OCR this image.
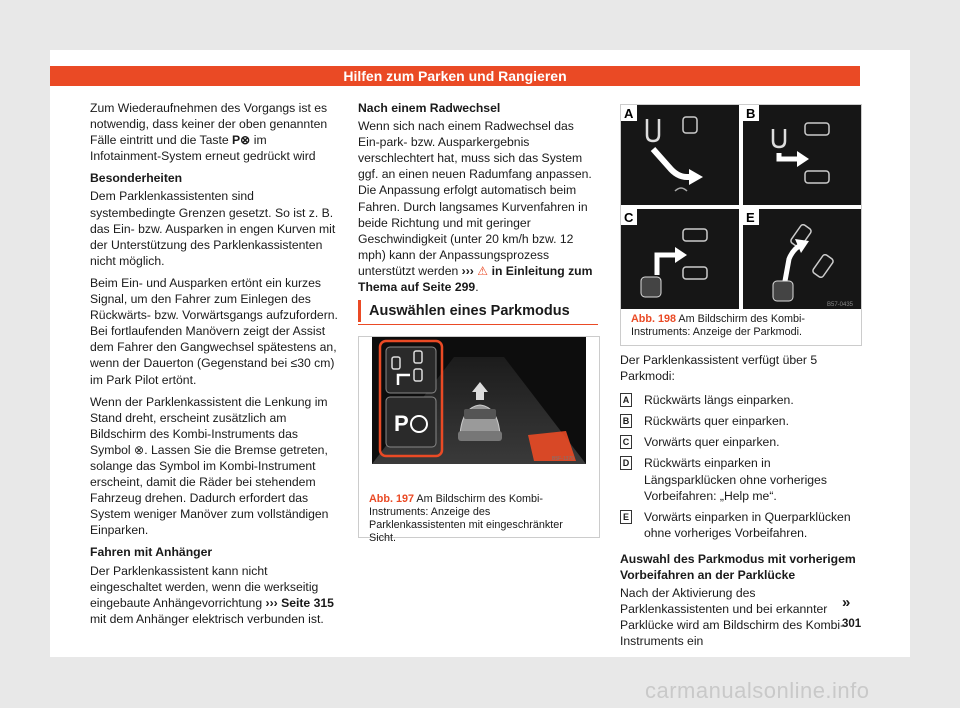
Hilfen zum Parken und Rangieren

Zum Wiederaufnehmen des Vorgangs ist es notwendig, dass keiner der oben genannten Fälle eintritt und die Taste P⊗ im Infotainment-System erneut gedrückt wird

Besonderheiten

Dem Parklenkassistenten sind systembedingte Grenzen gesetzt. So ist z. B. das Ein- bzw. Ausparken in engen Kurven mit der Unterstützung des Parklenkassistenten nicht möglich.

Beim Ein- und Ausparken ertönt ein kurzes Signal, um den Fahrer zum Einlegen des Rückwärts- bzw. Vorwärtsgangs aufzufordern. Bei fortlaufenden Manövern zeigt der Assist dem Fahrer den Gangwechsel spätestens an, wenn der Dauerton (Gegenstand bei ≤30 cm) im Park Pilot ertönt.

Wenn der Parklenkassistent die Lenkung im Stand dreht, erscheint zusätzlich am Bildschirm des Kombi-Instruments das Symbol ⊗. Lassen Sie die Bremse getreten, solange das Symbol im Kombi-Instrument erscheint, damit die Räder bei stehendem Fahrzeug drehen. Dadurch erfordert das System weniger Manöver zum vollständigen Einparken.

Fahren mit Anhänger

Der Parklenkassistent kann nicht eingeschaltet werden, wenn die werkseitig eingebaute Anhängevorrichtung ››› Seite 315 mit dem Anhänger elektrisch verbunden ist.

Nach einem Radwechsel

Wenn sich nach einem Radwechsel das Ein-park- bzw. Ausparkergebnis verschlechtert hat, muss sich das System ggf. an einen neuen Radumfang anpassen. Die Anpassung erfolgt automatisch beim Fahren. Durch langsames Kurvenfahren in beide Richtung und mit geringer Geschwindigkeit (unter 20 km/h bzw. 12 mph) kann der Anpassungsprozess unterstützt werden ››› ⚠ in Einleitung zum Thema auf Seite 299.

Auswählen eines Parkmodus
P
B5F-1370
Abb. 197 Am Bildschirm des Kombi-Instruments: Anzeige des Parklenkassistenten mit eingeschränkter Sicht.
A	B
C	E
B57-0435
Abb. 198 Am Bildschirm des Kombi-Instruments: Anzeige der Parkmodi.

Der Parklenkassistent verfügt über 5 Parkmodi:

A Rückwärts längs einparken.
B Rückwärts quer einparken.
C Vorwärts quer einparken.
D Rückwärts einparken in Längsparklücken ohne vorheriges Vorbeifahren: „Help me“.
E Vorwärts einparken in Querparklücken ohne vorheriges Vorbeifahren.
Auswahl des Parkmodus mit vorherigem Vorbeifahren an der Parklücke

Nach der Aktivierung des Parklenkassistenten und bei erkannter Parklücke wird am Bildschirm des Kombi-Instruments ein

»
301
carmanualsonline.info
